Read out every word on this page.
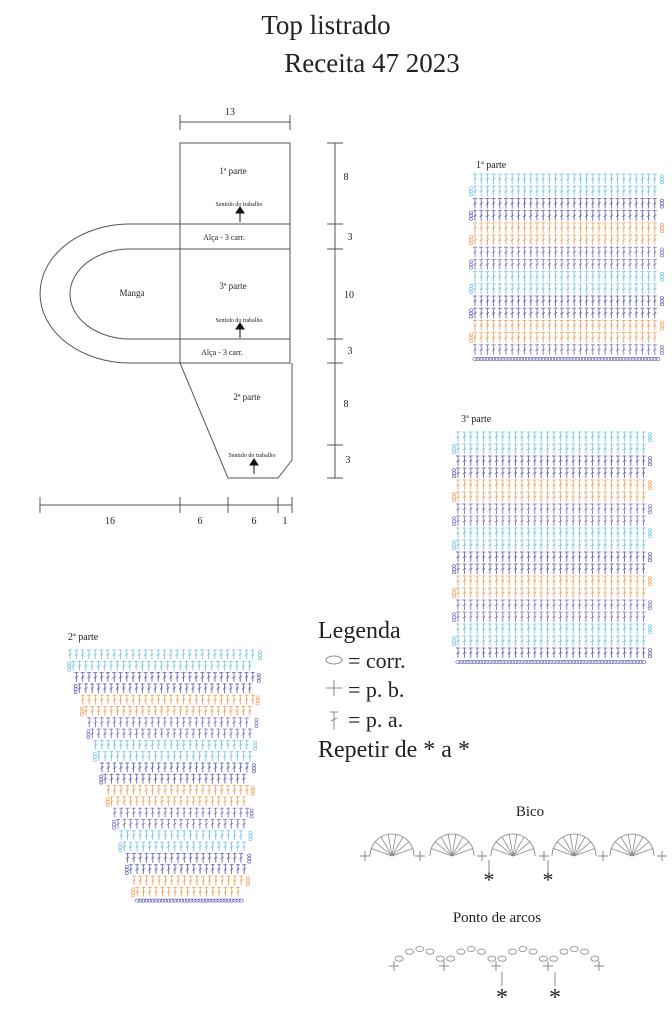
Top listrado
Receita 47 2023
13
1ª parte
Sentido do trabalho
Alça - 3 carr.
Manga
3ª parte
Sentido do trabalho
Alça - 3 carr.
2ª parte
Sentido do trabalho
8
3
10
3
8
3
16	6	6	1
1ª parte
3ª parte
2ª parte
Bico
Ponto de arcos
* *
* *
Legenda
= corr.
= p. b.
= p. a.
Repetir de * a *
